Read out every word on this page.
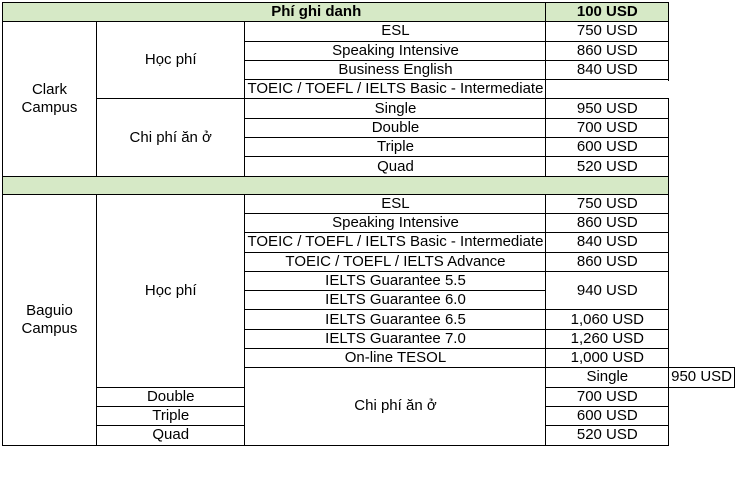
Phí ghi danh			100 USD	
Clark Campus	Học phí	ESL	750 USD	
		Speaking Intensive	860 USD	
		Business English	840 USD	
		TOEIC / TOEFL / IELTS Basic - Intermediate		

	Chi phí ăn ở	Single	950 USD	
		Double	700 USD	
		Triple	600 USD	
		Quad	520 USD	

Baguio Campus	Học phí	ESL	750 USD	
		Speaking Intensive	860 USD	
		TOEIC / TOEFL / IELTS Basic - Intermediate	840 USD	

		TOEIC / TOEFL / IELTS Advance	860 USD	
		IELTS Guarantee 5.5	940 USD	
		IELTS Guarantee 6.0		
		IELTS Guarantee 6.5	1,060 USD	
		IELTS Guarantee 7.0	1,260 USD	
		On-line TESOL	1,000 USD	
		Chi phí ăn ở	Single	950 USD
	Double		700 USD	
	Triple		600 USD	
	Quad		520 USD	
